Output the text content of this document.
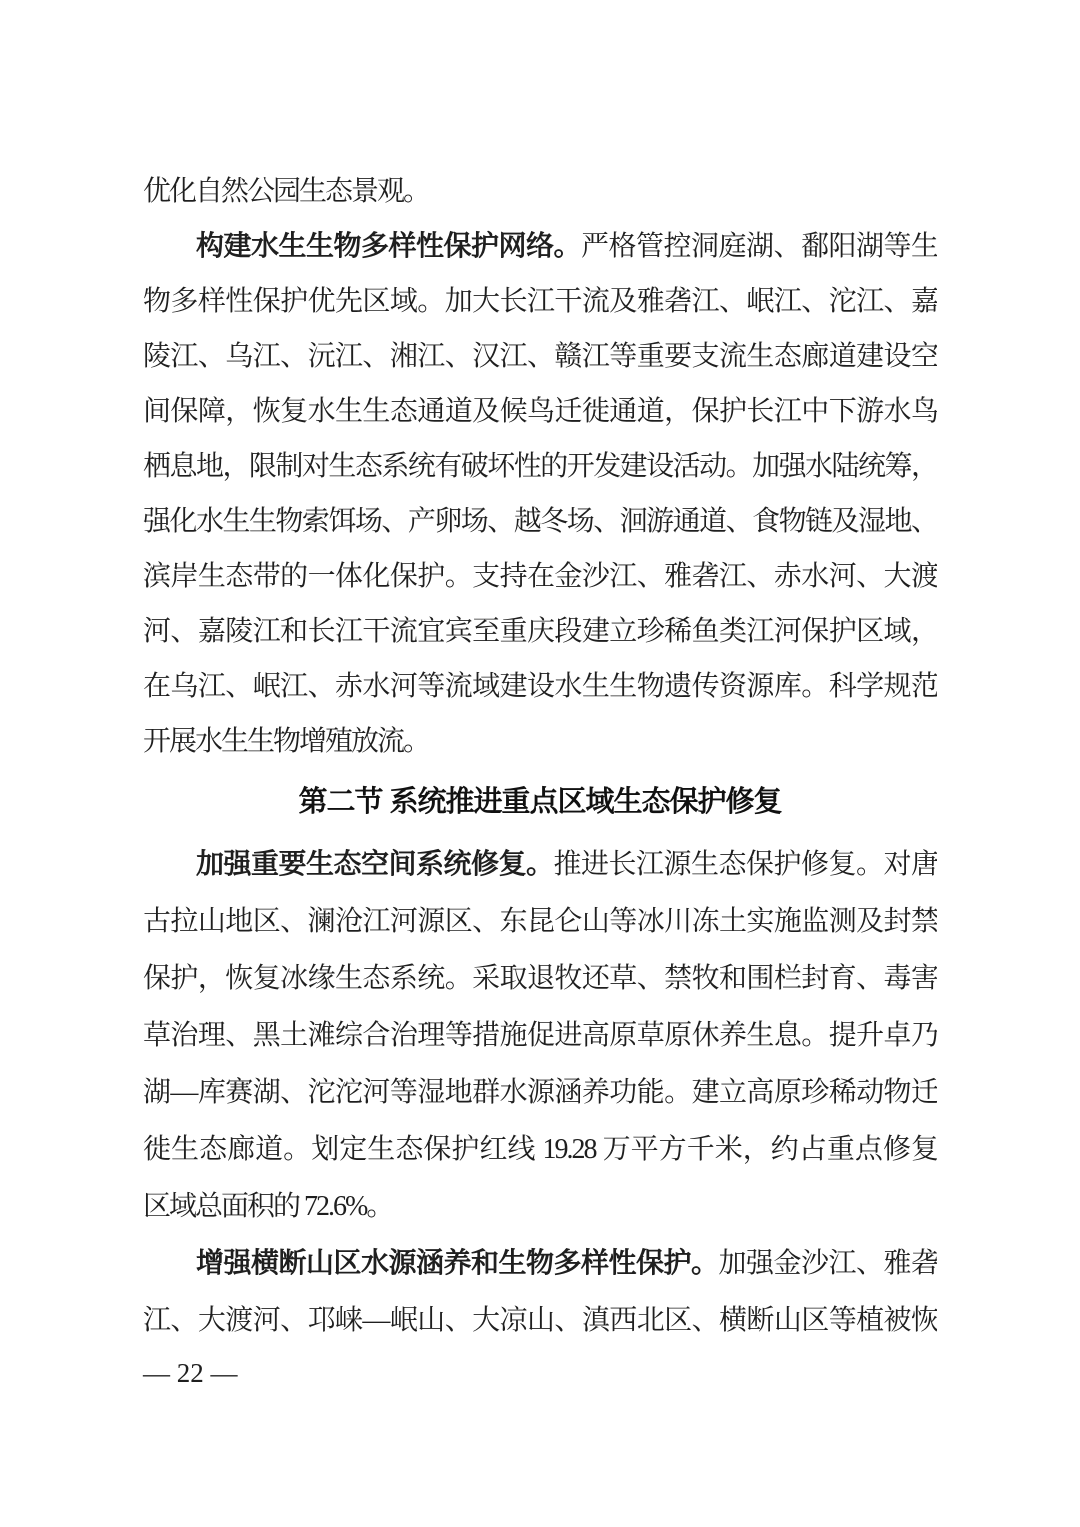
优化自然公园生态景观。
构建水生生物多样性保护网络。严格管控洞庭湖、鄱阳湖等生
物多样性保护优先区域。加大长江干流及雅砻江、岷江、沱江、嘉
陵江、乌江、沅江、湘江、汉江、赣江等重要支流生态廊道建设空
间保障，恢复水生生态通道及候鸟迁徙通道，保护长江中下游水鸟
栖息地，限制对生态系统有破坏性的开发建设活动。加强水陆统筹，
强化水生生物索饵场、产卵场、越冬场、洄游通道、食物链及湿地、
滨岸生态带的一体化保护。支持在金沙江、雅砻江、赤水河、大渡
河、嘉陵江和长江干流宜宾至重庆段建立珍稀鱼类江河保护区域，
在乌江、岷江、赤水河等流域建设水生生物遗传资源库。科学规范
开展水生生物增殖放流。
第二节 系统推进重点区域生态保护修复
加强重要生态空间系统修复。推进长江源生态保护修复。对唐
古拉山地区、澜沧江河源区、东昆仑山等冰川冻土实施监测及封禁
保护，恢复冰缘生态系统。采取退牧还草、禁牧和围栏封育、毒害
草治理、黑土滩综合治理等措施促进高原草原休养生息。提升卓乃
湖—库赛湖、沱沱河等湿地群水源涵养功能。建立高原珍稀动物迁
徙生态廊道。划定生态保护红线 19.28 万平方千米，约占重点修复
区域总面积的 72.6%。
增强横断山区水源涵养和生物多样性保护。加强金沙江、雅砻
江、大渡河、邛崃—岷山、大凉山、滇西北区、横断山区等植被恢
— 22 —
